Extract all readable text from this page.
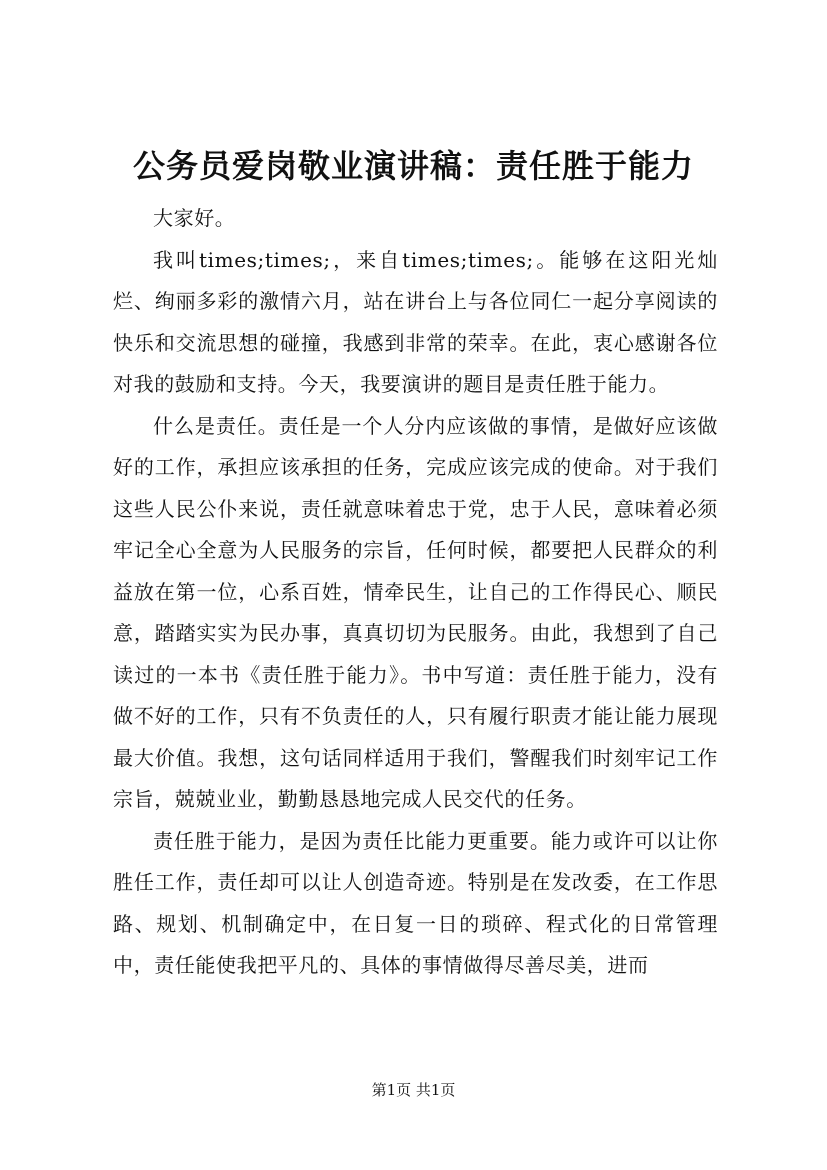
公务员爱岗敬业演讲稿：责任胜于能力

大家好。

我叫times;times;，来自times;times;。能够在这阳光灿烂、绚丽多彩的激情六月，站在讲台上与各位同仁一起分享阅读的快乐和交流思想的碰撞，我感到非常的荣幸。在此，衷心感谢各位对我的鼓励和支持。今天，我要演讲的题目是责任胜于能力。

什么是责任。责任是一个人分内应该做的事情，是做好应该做好的工作，承担应该承担的任务，完成应该完成的使命。对于我们这些人民公仆来说，责任就意味着忠于党，忠于人民，意味着必须牢记全心全意为人民服务的宗旨，任何时候，都要把人民群众的利益放在第一位，心系百姓，情牵民生，让自己的工作得民心、顺民意，踏踏实实为民办事，真真切切为民服务。由此，我想到了自己读过的一本书《责任胜于能力》。书中写道：责任胜于能力，没有做不好的工作，只有不负责任的人，只有履行职责才能让能力展现最大价值。我想，这句话同样适用于我们，警醒我们时刻牢记工作宗旨，兢兢业业，勤勤恳恳地完成人民交代的任务。

责任胜于能力，是因为责任比能力更重要。能力或许可以让你胜任工作，责任却可以让人创造奇迹。特别是在发改委，在工作思路、规划、机制确定中，在日复一日的琐碎、程式化的日常管理中，责任能使我把平凡的、具体的事情做得尽善尽美，进而

第1页 共1页
